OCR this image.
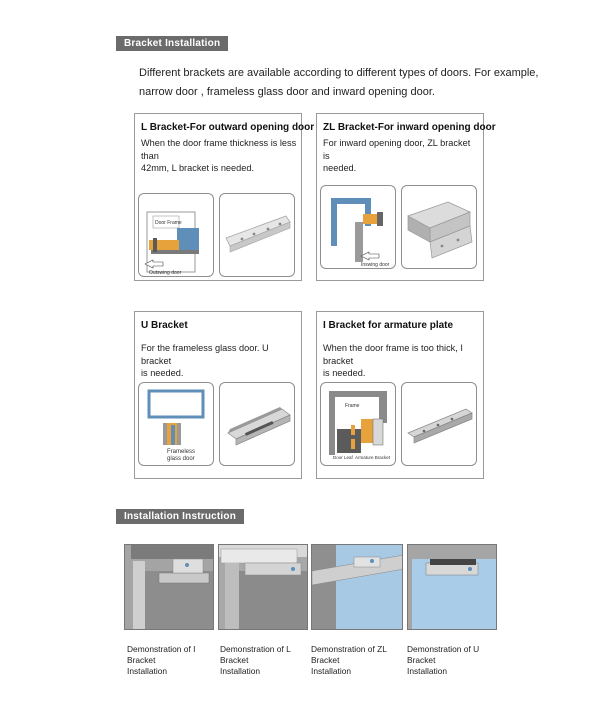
Bracket Installation
Different brackets are available according to different types of doors. For example,
narrow door , frameless glass door and inward opening door.
L Bracket-For outward opening door
When the door frame thickness is less than
42mm, L bracket is needed.
Door Frame
Outswing door
ZL Bracket-For inward opening door
For inward opening door, ZL bracket is
needed.
Inswing door
U Bracket
For the frameless glass door. U bracket
is needed.
Frameless
glass door
I Bracket for armature plate
When the door frame is too thick, I bracket
is needed.
Frame
Door Leaf Armature Bracket
Installation Instruction
Demonstration of I Bracket
Installation
Demonstration of L Bracket
Installation
Demonstration of ZL Bracket
Installation
Demonstration of U Bracket
Installation
